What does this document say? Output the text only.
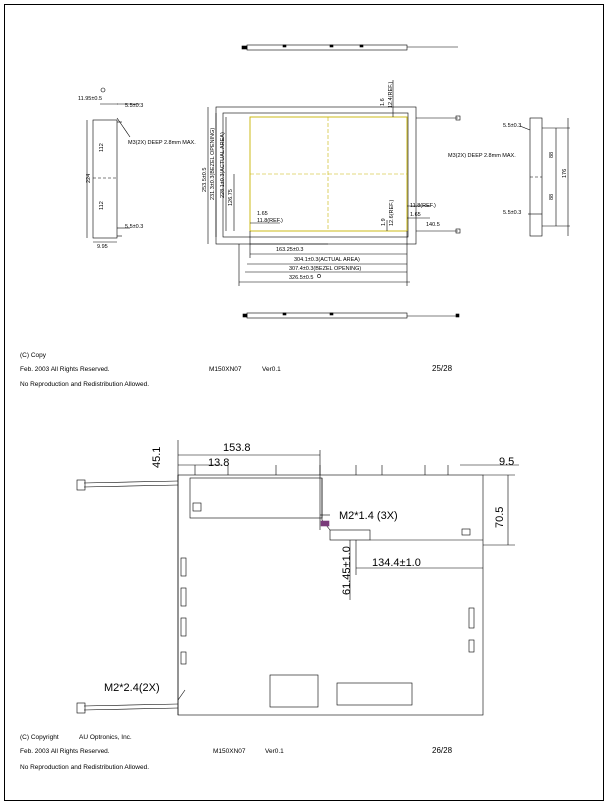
11.95±0.5
5.5±0.3
M3(2X) DEEP 2.8mm MAX.
112
224
112
5.5±0.3
9.95
253.5±0.5 231.3±0.3(BEZEL OPENING) 228.1±0.3(ACTUAL AREA) 126.75
1.65
11.8(REF.)
163.25±0.3
304.1±0.3(ACTUAL AREA)
307.4±0.3(BEZEL OPENING)
326.5±0.5
1.6 12.4(REF.)
1.9 12.6(REF.)	11.8(REF.)
1.65
140.5
5.5±0.3
M3(2X) DEEP 2.8mm MAX.	88
176
88
5.5±0.3
45.1	153.8
13.8	9.5
M2*1.4 (3X)	70.5
61.45±1.0 134.4±1.0
M2*2.4(2X)
(C) Copy
Feb. 2003 All Rights Reserved.	M150XN07	Ver0.1	25/28
No Reproduction and Redistribution Allowed.
(C) Copyright	AU Optronics, Inc.
Feb. 2003 All Rights Reserved.	M150XN07	Ver0.1	26/28
No Reproduction and Redistribution Allowed.
